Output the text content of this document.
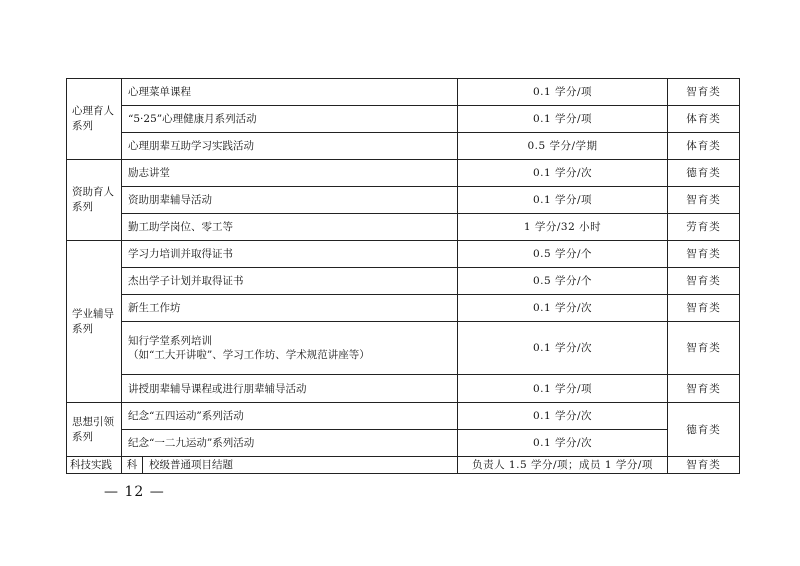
心理育人系列	心理菜单课程		0.1 学分/项	智育类
	“5·25”心理健康月系列活动		0.1 学分/项	体育类
	心理朋辈互助学习实践活动		0.5 学分/学期	体育类
资助育人系列	励志讲堂		0.1 学分/次	德育类
	资助朋辈辅导活动		0.1 学分/项	智育类
	勤工助学岗位、零工等		1 学分/32 小时	劳育类
学业辅导系列	学习力培训并取得证书		0.5 学分/个	智育类
	杰出学子计划并取得证书		0.5 学分/个	智育类
	新生工作坊		0.1 学分/次	智育类

	知行学堂系列培训
（如“工大开讲啦”、学习工作坊、学术规范讲座等）		0.1 学分/次	智育类
	讲授朋辈辅导课程或进行朋辈辅导活动		0.1 学分/项	智育类
思想引领系列	纪念“五四运动”系列活动		0.1 学分/次	德育类
	纪念“一二九运动”系列活动		0.1 学分/次	
科技实践	科	校级普通项目结题	负责人 1.5 学分/项；成员 1 学分/项	智育类
— 12 —
